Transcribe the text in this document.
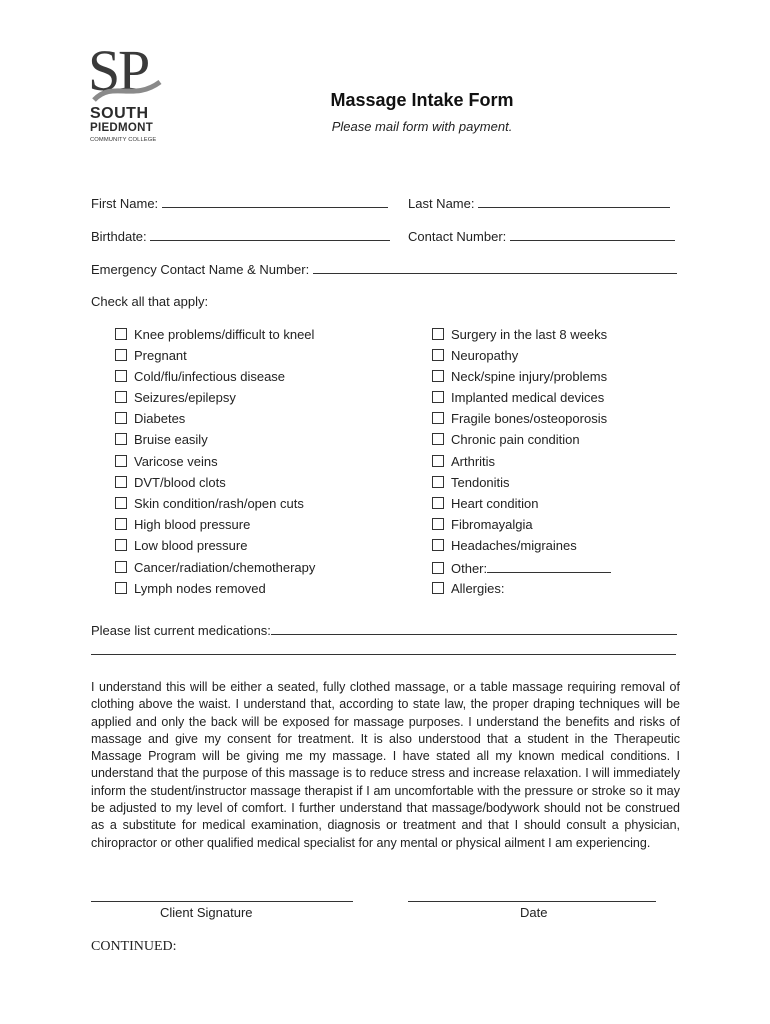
S
P
SOUTH
PIEDMONT
COMMUNITY COLLEGE
Massage Intake Form
Please mail form with payment.
First Name:	Last Name:
Birthdate:	Contact Number:
Emergency Contact Name & Number:
Check all that apply:
Knee problems/difficult to kneel
Pregnant
Cold/flu/infectious disease
Seizures/epilepsy
Diabetes
Bruise easily
Varicose veins
DVT/blood clots
Skin condition/rash/open cuts
High blood pressure
Low blood pressure
Cancer/radiation/chemotherapy
Lymph nodes removed
Surgery in the last 8 weeks
Neuropathy
Neck/spine injury/problems
Implanted medical devices
Fragile bones/osteoporosis
Chronic pain condition
Arthritis
Tendonitis
Heart condition
Fibromayalgia
Headaches/migraines
Other:
Allergies:
Please list current medications:
I understand this will be either a seated, fully clothed massage, or a table massage requiring removal of clothing above the waist. I understand that, according to state law, the proper draping techniques will be applied and only the back will be exposed for massage purposes. I understand the benefits and risks of massage and give my consent for treatment. It is also understood that a student in the Therapeutic Massage Program will be giving me my massage. I have stated all my known medical conditions. I understand that the purpose of this massage is to reduce stress and increase relaxation. I will immediately inform the student/instructor massage therapist if I am uncomfortable with the pressure or stroke so it may be adjusted to my level of comfort. I further understand that massage/bodywork should not be construed as a substitute for medical examination, diagnosis or treatment and that I should consult a physician, chiropractor or other qualified medical specialist for any mental or physical ailment I am experiencing.
Client Signature	Date
CONTINUED:
